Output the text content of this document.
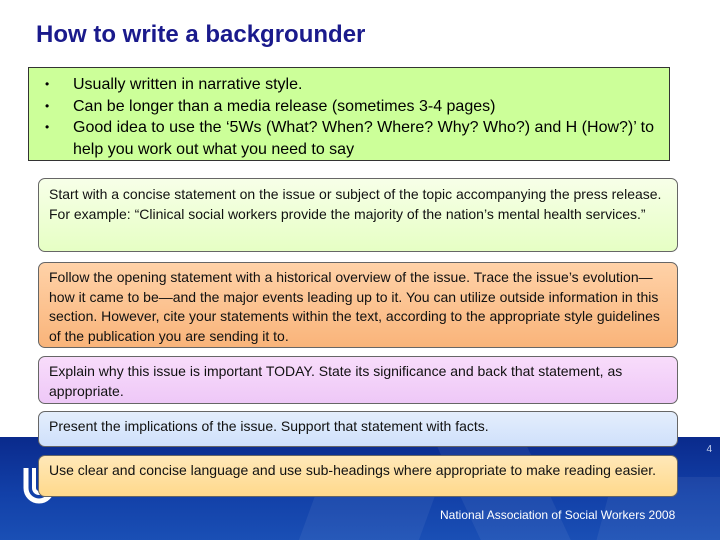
How to write a backgrounder
• Usually written in narrative style.
• Can be longer than a media release (sometimes 3-4 pages)
• Good idea to use the ‘5Ws (What? When? Where? Why? Who?) and H (How?)’ to help you work out what you need to say
4
Start with a concise statement on the issue or subject of the topic accompanying the press release. For example: “Clinical social workers provide the majority of the nation’s mental health services.”
Follow the opening statement with a historical overview of the issue. Trace the issue’s evolution—how it came to be—and the major events leading up to it. You can utilize outside information in this section. However, cite your statements within the text, according to the appropriate style guidelines of the publication you are sending it to.
Explain why this issue is important TODAY. State its significance and back that statement, as appropriate.
Present the implications of the issue. Support that statement with facts.
Use clear and concise language and use sub-headings where appropriate to make reading easier.
National Association of Social Workers 2008
